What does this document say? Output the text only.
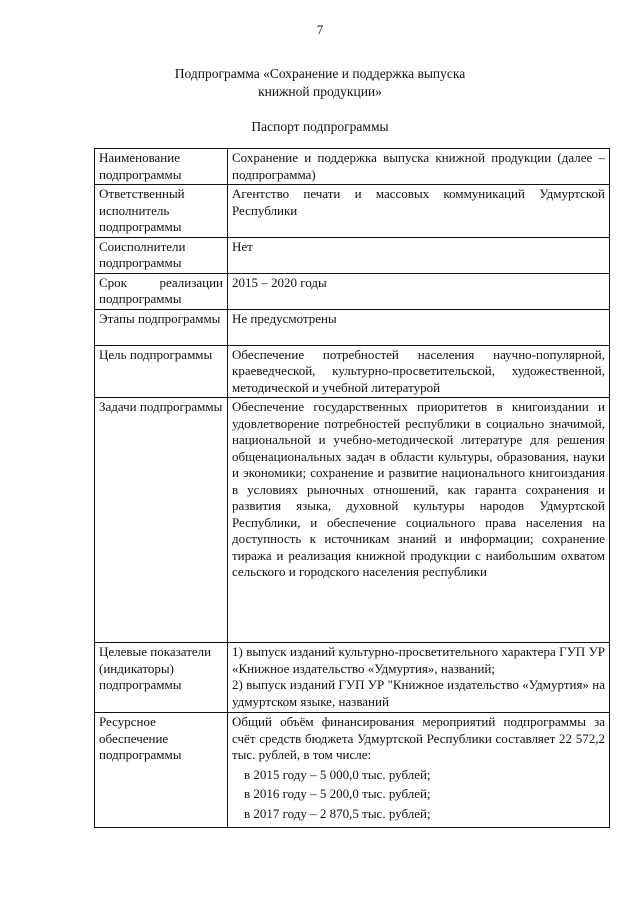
7
Подпрограмма «Сохранение и поддержка выпуска
книжной продукции»
Паспорт подпрограммы
Наименование подпрограммы	Сохранение и поддержка выпуска книжной продукции (далее – подпрограмма)
Ответственный исполнитель подпрограммы	Агентство печати и массовых коммуникаций Удмуртской Республики
Соисполнители подпрограммы	Нет
Срок реализации подпрограммы	2015 – 2020 годы
Этапы подпрограммы	Не предусмотрены
Цель подпрограммы	Обеспечение потребностей населения научно-популярной, краеведческой, культурно-просветительской, художественной, методической и учебной литературой
Задачи подпрограммы	Обеспечение государственных приоритетов в книгоиздании и удовлетворение потребностей республики в социально значимой, национальной и учебно-методической литературе для решения общенациональных задач в области культуры, образования, науки и экономики; сохранение и развитие национального книгоиздания в условиях рыночных отношений, как гаранта сохранения и развития языка, духовной культуры народов Удмуртской Республики, и обеспечение социального права населения на доступность к источникам знаний и информации; сохранение тиража и реализация книжной продукции с наибольшим охватом сельского и городского населения республики
Целевые показатели (индикаторы) подпрограммы	1) выпуск изданий культурно-просветительного характера ГУП УР «Книжное издательство «Удмуртия», названий;
2) выпуск изданий ГУП УР "Книжное издательство «Удмуртия» на удмуртском языке, названий

Ресурсное обеспечение подпрограммы	Общий объём финансирования мероприятий подпрограммы за счёт средств бюджета Удмуртской Республики составляет 22 572,2 тыс. рублей, в том числе:
в 2015 году – 5 000,0 тыс. рублей;
в 2016 году – 5 200,0 тыс. рублей;
в 2017 году – 2 870,5 тыс. рублей;
